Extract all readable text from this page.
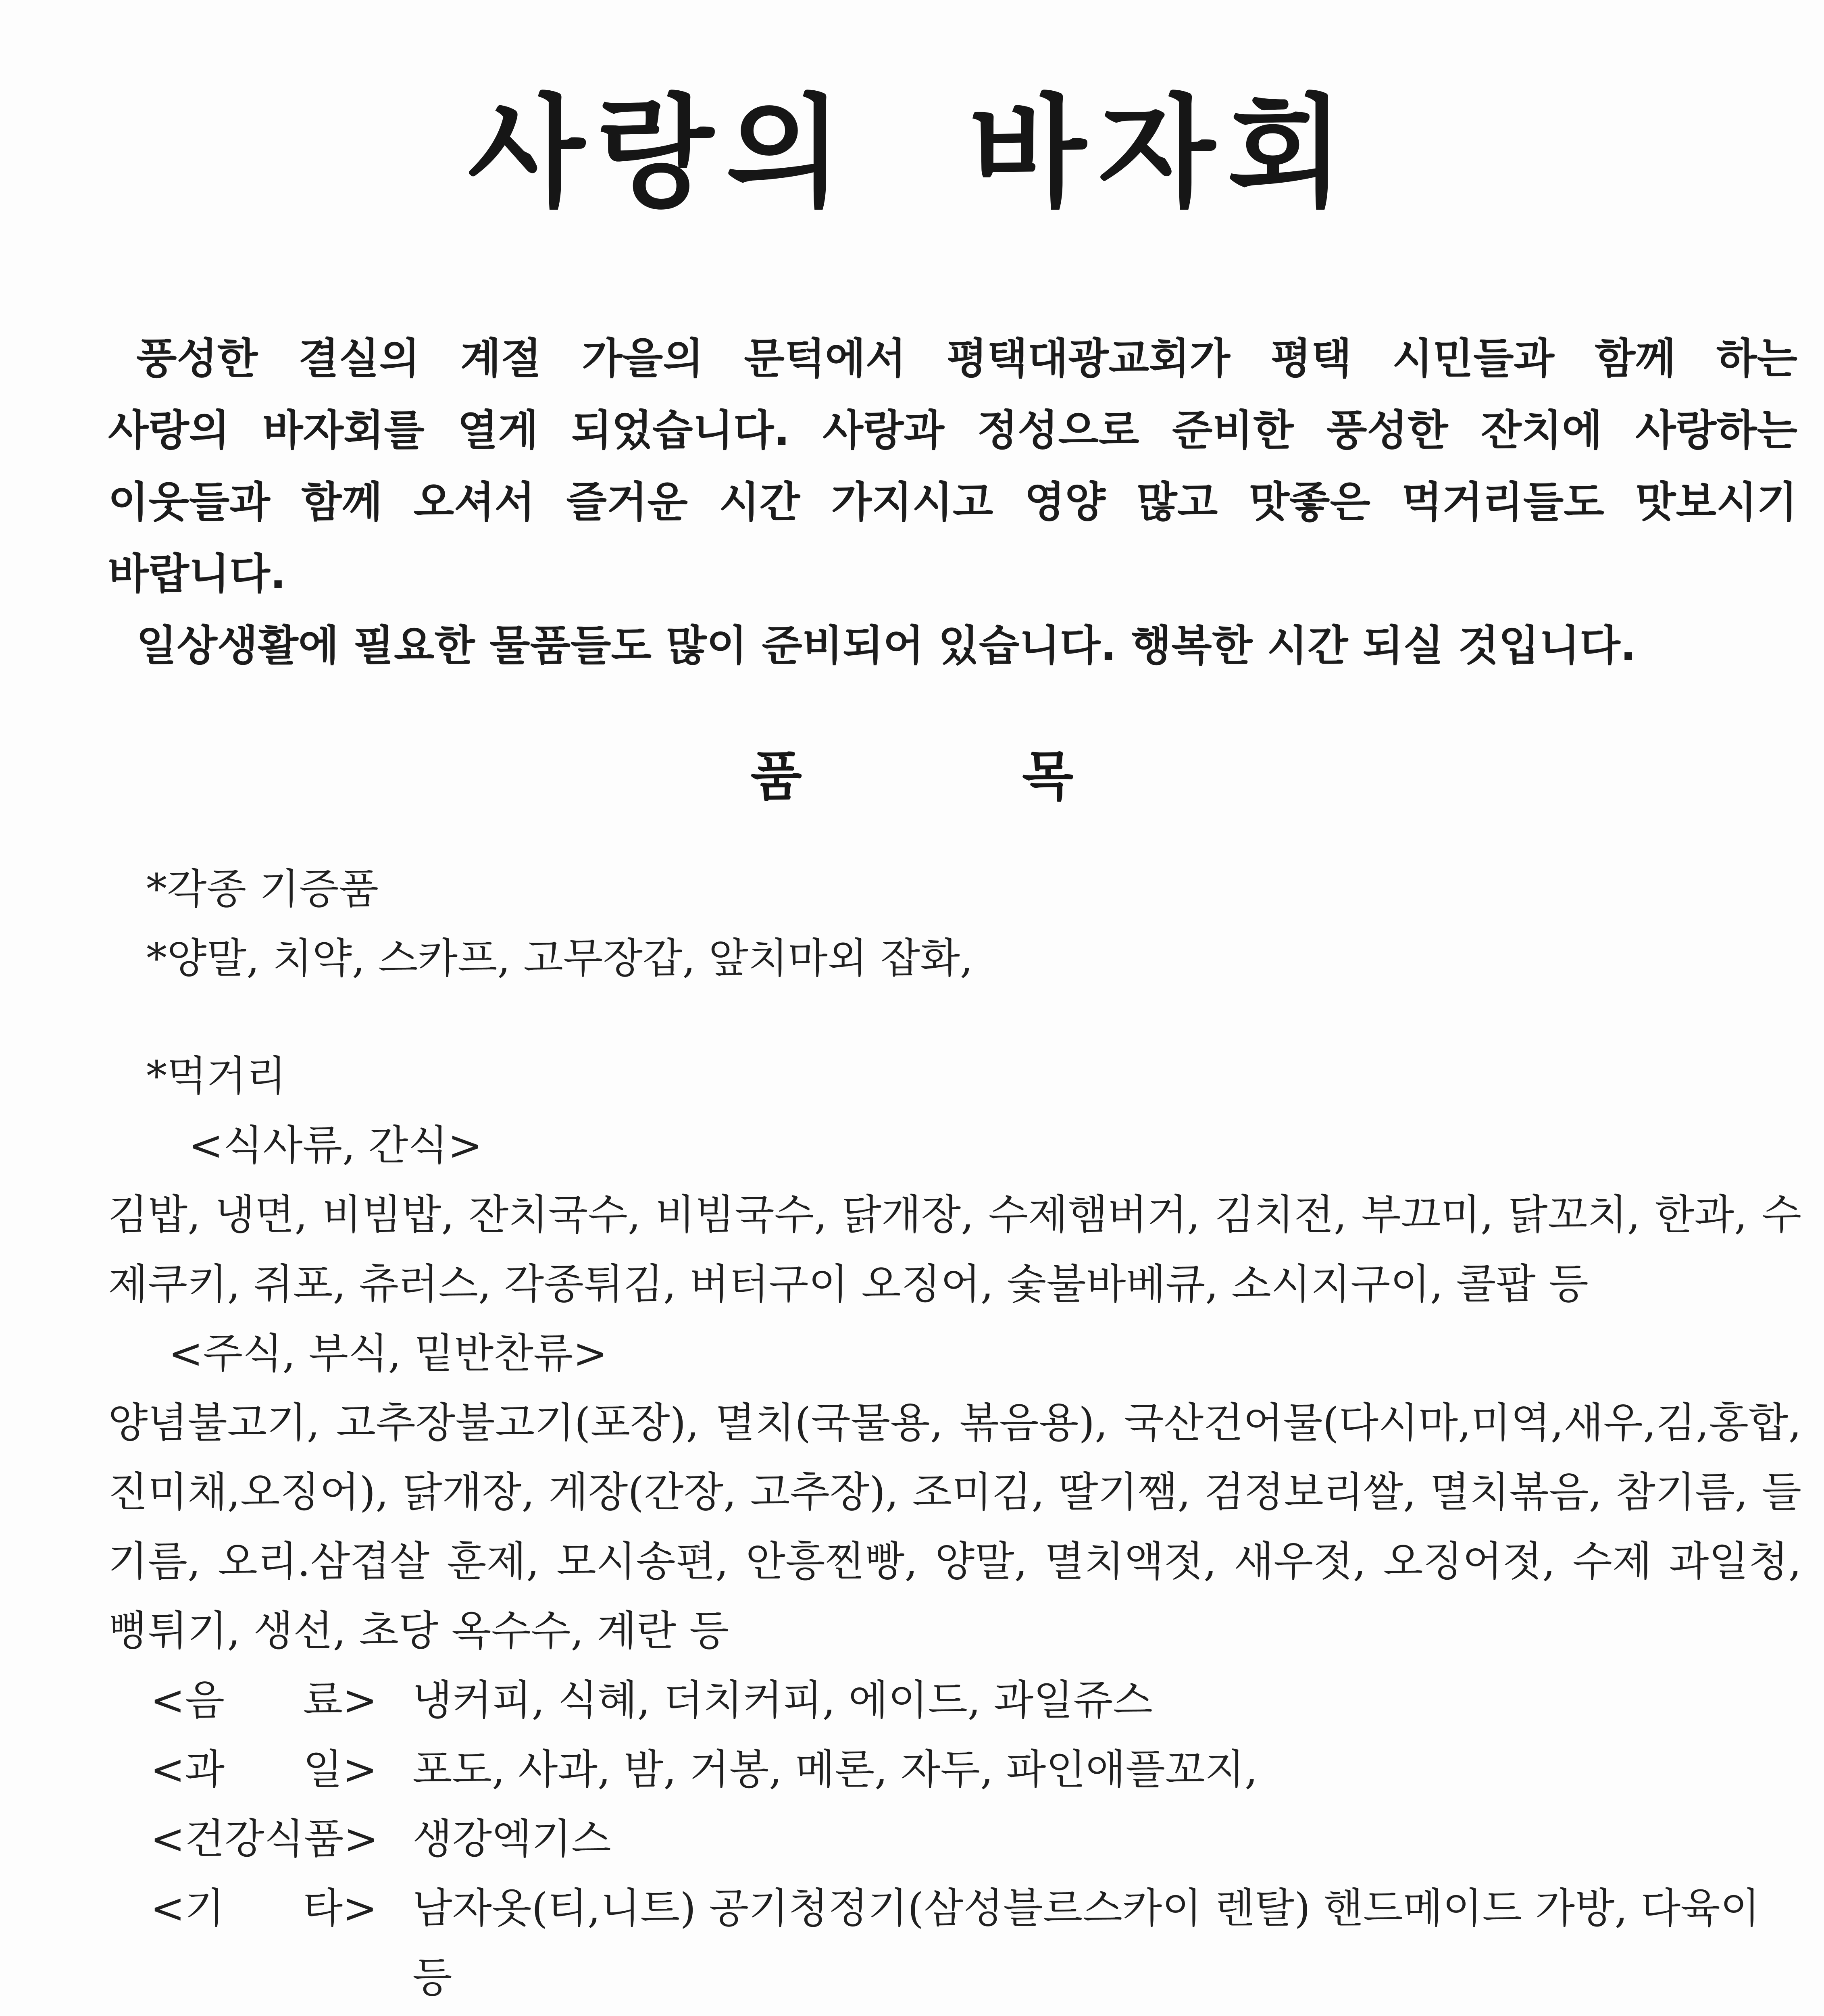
사랑의 바자회

풍성한 결실의 계절 가을의 문턱에서 평택대광교회가 평택 시민들과 함께 하는

사랑의 바자회를 열게 되었습니다. 사랑과 정성으로 준비한 풍성한 잔치에 사랑하는

이웃들과 함께 오셔서 즐거운 시간 가지시고 영양 많고 맛좋은 먹거리들도 맛보시기

바랍니다.

일상생활에 필요한 물품들도 많이 준비되어 있습니다. 행복한 시간 되실 것입니다.

품 목
*각종 기증품
*양말, 치약, 스카프, 고무장갑, 앞치마외 잡화,
*먹거리
<식사류, 간식>
김밥, 냉면, 비빔밥, 잔치국수, 비빔국수, 닭개장, 수제햄버거, 김치전, 부끄미, 닭꼬치, 한과, 수제쿠키, 쥐포, 츄러스, 각종튀김, 버터구이 오징어, 숯불바베큐, 소시지구이, 콜팝 등
<주식, 부식, 밑반찬류>
양념불고기, 고추장불고기(포장), 멸치(국물용, 볶음용), 국산건어물(다시마,미역,새우,김,홍합,진미채,오징어), 닭개장, 게장(간장, 고추장), 조미김, 딸기쨈, 검정보리쌀, 멸치볶음, 참기름, 들기름, 오리.삼겹살 훈제, 모시송편, 안흥찐빵, 양말, 멸치액젓, 새우젓, 오징어젓, 수제 과일청, 뻥튀기, 생선, 초당 옥수수, 계란 등
<음      료> 냉커피, 식혜, 더치커피, 에이드, 과일쥬스
<과      일> 포도, 사과, 밤, 거봉, 메론, 자두, 파인애플꼬지,
<건강식품> 생강엑기스
<기      타> 남자옷(티,니트) 공기청정기(삼성블르스카이 렌탈) 핸드메이드 가방, 다육이 등
